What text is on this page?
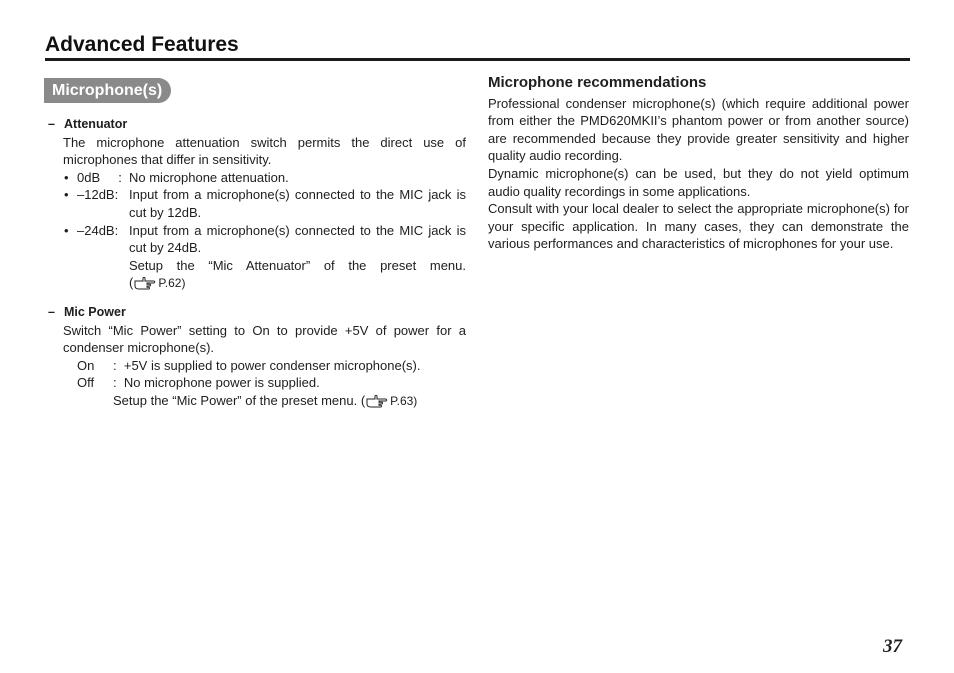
Advanced Features
Microphone(s)
– Attenuator
The microphone attenuation switch permits the direct use of microphones that differ in sensitivity.
• 0dB : No microphone attenuation.
• –12dB: Input from a microphone(s) connected to the MIC jack is cut by 12dB.
• –24dB: Input from a microphone(s) connected to the MIC jack is cut by 24dB.
Setup the “Mic Attenuator” of the preset menu.
( P.62)
– Mic Power
Switch “Mic Power” setting to On to provide +5V of power for a condenser microphone(s).
On	:
+5V is supplied to power condenser microphone(s).
Off	:
No microphone power is supplied.
Setup the “Mic Power” of the preset menu. ( P.63)
Microphone recommendations
Professional condenser microphone(s) (which require additional power from either the PMD620MKII’s phantom power or from another source) are recommended because they provide greater sensitivity and higher quality audio recording.
Dynamic microphone(s) can be used, but they do not yield optimum audio quality recordings in some applications.
Consult with your local dealer to select the appropriate microphone(s) for your specific application. In many cases, they can demonstrate the various performances and characteristics of microphones for your use.
37
